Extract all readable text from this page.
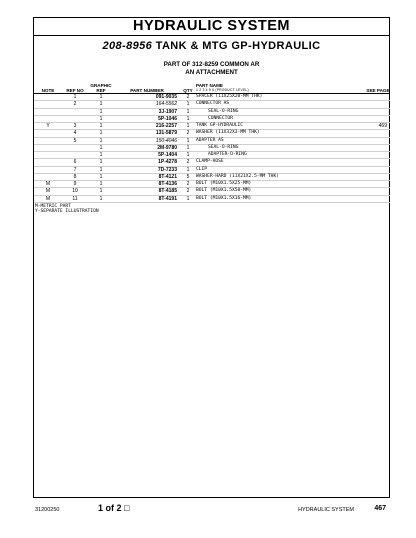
HYDRAULIC SYSTEM
208-8956 TANK & MTG GP-HYDRAULIC
PART OF 312-8259 COMMON AR
AN ATTACHMENT
NOTE	REF NO	GRAPHIC REF	PART NUMBER	QTY	PART NAME
1 2 3 4 5 6 (PRODUCT LEVEL)	SEE PAGE
	1	1	091-9035	2	SPACER (11X25X20-MM THK)	
	2	1	164-5562	1	CONNECTOR AS	
		1	3J-1907	1	SEAL-O-RING	
		1	5P-1046	1	CONNECTOR	
Y	3	1	216-2257	1	TANK GP-HYDRAULIC	469
	4	1	131-5879	2	WASHER (11X32X3-MM THK)	
	5	1	150-4046	1	ADAPTER AS	
		1	2M-9780	1	SEAL-O-RING	
		1	5P-1404	1	ADAPTER-O-RING	
	6	1	1P-4278	2	CLAMP-HOSE	
	7	1	7D-7233	1	CLIP	
	8	1	8T-4121	5	WASHER-HARD (11X21X2.5-MM THK)	
M	9	1	8T-4136	2	BOLT (M10X1.5X25-MM)	
M	10	1	8T-4185	2	BOLT (M10X1.5X50-MM)	
M	11	1	8T-4191	1	BOLT (M10X1.5X16-MM)	
M-METRIC PART
Y-SEPARATE ILLUSTRATION
31200250	1 of 2 □	HYDRAULIC SYSTEM	467
